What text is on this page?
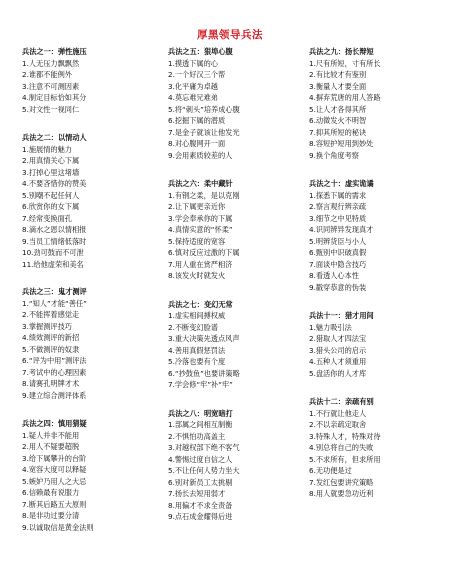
厚黑领导兵法
兵法之一：弹性施压
1.人无压力飘飘然
2.谁都不能例外
3.注意不可测因素
4.制定目标恰如其分
5.对文性一视同仁
兵法之二：以情动人
1.施展情的魅力
2.用真情关心下属
3.打掉心里这堵墙
4.不要吝惜你的赞美
5.别嘲不起任何人
6.欣赏你的女下属
7.经常变换面孔
8.滴水之恩以情相报
9.当员工情绪低落时
10.劲可鼓而不可泄
11.给他虚荣和美名
兵法之三：鬼才测评
1.“知人”才能“善任”
2.不能挥着感觉走
3.掌握测评技巧
4.绩效测评的新招
5.不做测评的奴隶
6.“评为中用”测评法
7.考试中的心理因素
8.请赛孔明牌才术
9.建立综合测评体系
兵法之四：慎用猜疑
1.疑人并非不能用
2.用人不疑要超脱
3.给下属攀升的台阶
4.宽容大度可以释疑
5.嫉妒乃用人之大忌
6.信赖最有说服力
7.断其后路五大原则
8.是非功过要分清
9.以诚取信是黄金法则
兵法之五：狠埠心腹
1.摸透下属的心
2.一个好汉三个帮
3.化平庸为卓越
4.莫忘难兄难弟
5.将“刺头”培养成心腹
6.挖掘下属的潜质
7.是金子就该让他发光
8.对心腹网开一面
9.会用素质较差的人
兵法之六：柔中藏针
1.有钢之柔，是以克刚
2.让下属更亲近你
3.学会奉承你的下属
4.真情实意的“怀柔”
5.保持适度的宽容
6.慎对反应过激的下属
7.用人重在赏严相济
8.该发火时就发火
兵法之七：变幻无常
1.虚实相间搏权威
2.不断变幻脸谱
3.重大决策先透点风声
4.善用真假惩罚法
5.冷落也要有个度
6.“抄鼓鱼”也要讲策略
7.学会修“牢”补“牢”
兵法之八：明宽暗打
1.部属之间相互制衡
2.不惧怕功高盖主
3.对越权部下绝不客气
4.警惕过度自信之人
5.不让任何人势力坐大
6.别对新员工太挑剔
7.扬长去短用弱才
8.用偏才不求全责备
9.点石成金耀得后进
兵法之九：扬长辩短
1.尺有所短，寸有所长
2.有比较才有鉴别
3.衡量人才要全面
4.摒弃荒唐的用人答路
5.让人才各得其所
6.动徵发火不明智
7.抑其所短的秘诀
8.容短护短用到妙处
9.换个角度考察
兵法之十：虚实诡谲
1.探悉下属的需求
2.察言观行辨亲疏
3.细节之中见特质
4.识同辨异发现真才
5.明辨货臣与小人
6.甄别中识破真假
7.面谈中隐含技巧
8.看透人心本性
9.戳穿恭意的伪装
兵法十一：猎才用间
1.魅力吸引法
2.猎取人才四法宝
3.猎头公司的启示
4.五种人才须重用
5.盘活你的人才库
兵法十二：亲疏有别
1.不行就让他走人
2.不以亲疏定取舍
3.特殊人才，特殊对待
4.别总将自己的失败
5.不求所有，但求所用
6.无功便是过
7.发红包要讲究策略
8.用人就要急功近利
